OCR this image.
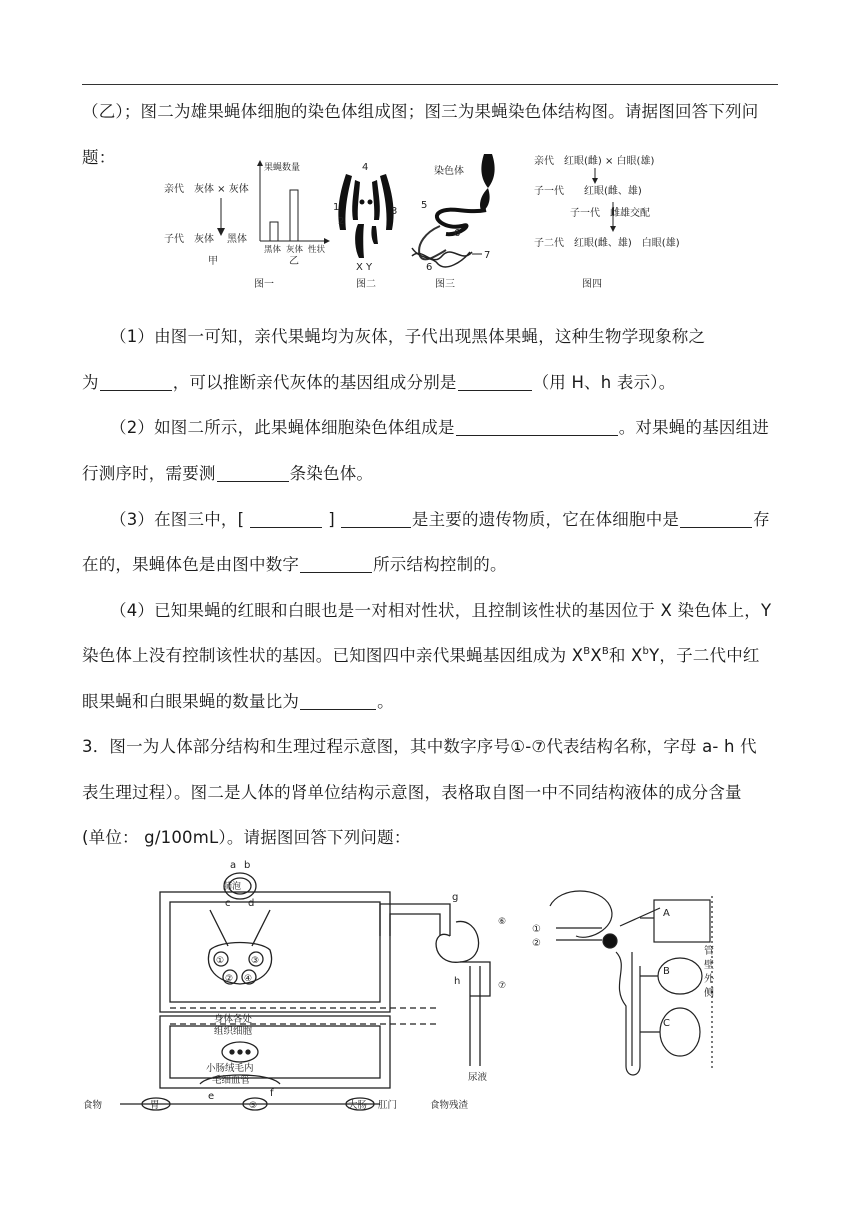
（乙）；图二为雄果蝇体细胞的染色体组成图；图三为果蝇染色体结构图。请据图回答下列问
题：
亲代 灰体 × 灰体
子代 灰体 黑体
甲
果蝇数量
黑体 灰体 性状
乙
图一
4
1
2
3
X Y
图二
染色体
5
6
6
7
图三
亲代　红眼(雌) × 白眼(雄)
子一代　　红眼(雌、雄)
子一代　雌雄交配
子二代　红眼(雌、雄)　白眼(雄)
图四
（1）由图一可知，亲代果蝇均为灰体，子代出现黑体果蝇，这种生物学现象称之
为	，可以推断亲代灰体的基因组成分别是	（用 H、h 表示）。
（2）如图二所示，此果蝇体细胞染色体组成是	。对果蝇的基因组进
行测序时，需要测	条染色体。
（3）在图三中，[	]	是主要的遗传物质，它在体细胞中是	存
在的，果蝇体色是由图中数字	所示结构控制的。
（4）已知果蝇的红眼和白眼也是一对相对性状，且控制该性状的基因位于 X 染色体上，Y
染色体上没有控制该性状的基因。已知图四中亲代果蝇基因组成为 $X^BX^B$和 $X^bY$，子二代中红
眼果蝇和白眼果蝇的数量比为	。
3．图一为人体部分结构和生理过程示意图，其中数字序号①-⑦代表结构名称，字母 a- h 代
表生理过程）。图二是人体的肾单位结构示意图，表格取自图一中不同结构液体的成分含量
(单位： g/100mL）。请据图回答下列问题：
a b
肺泡
c d
①
②
③
④
身体各处
组织细胞
小肠绒毛内
毛细血管
食物	胃
e
⑤
f
大肠 肛门	食物残渣
g
⑥
h	⑦
尿液
①
②
A
B
C
管
壁
外
侧
